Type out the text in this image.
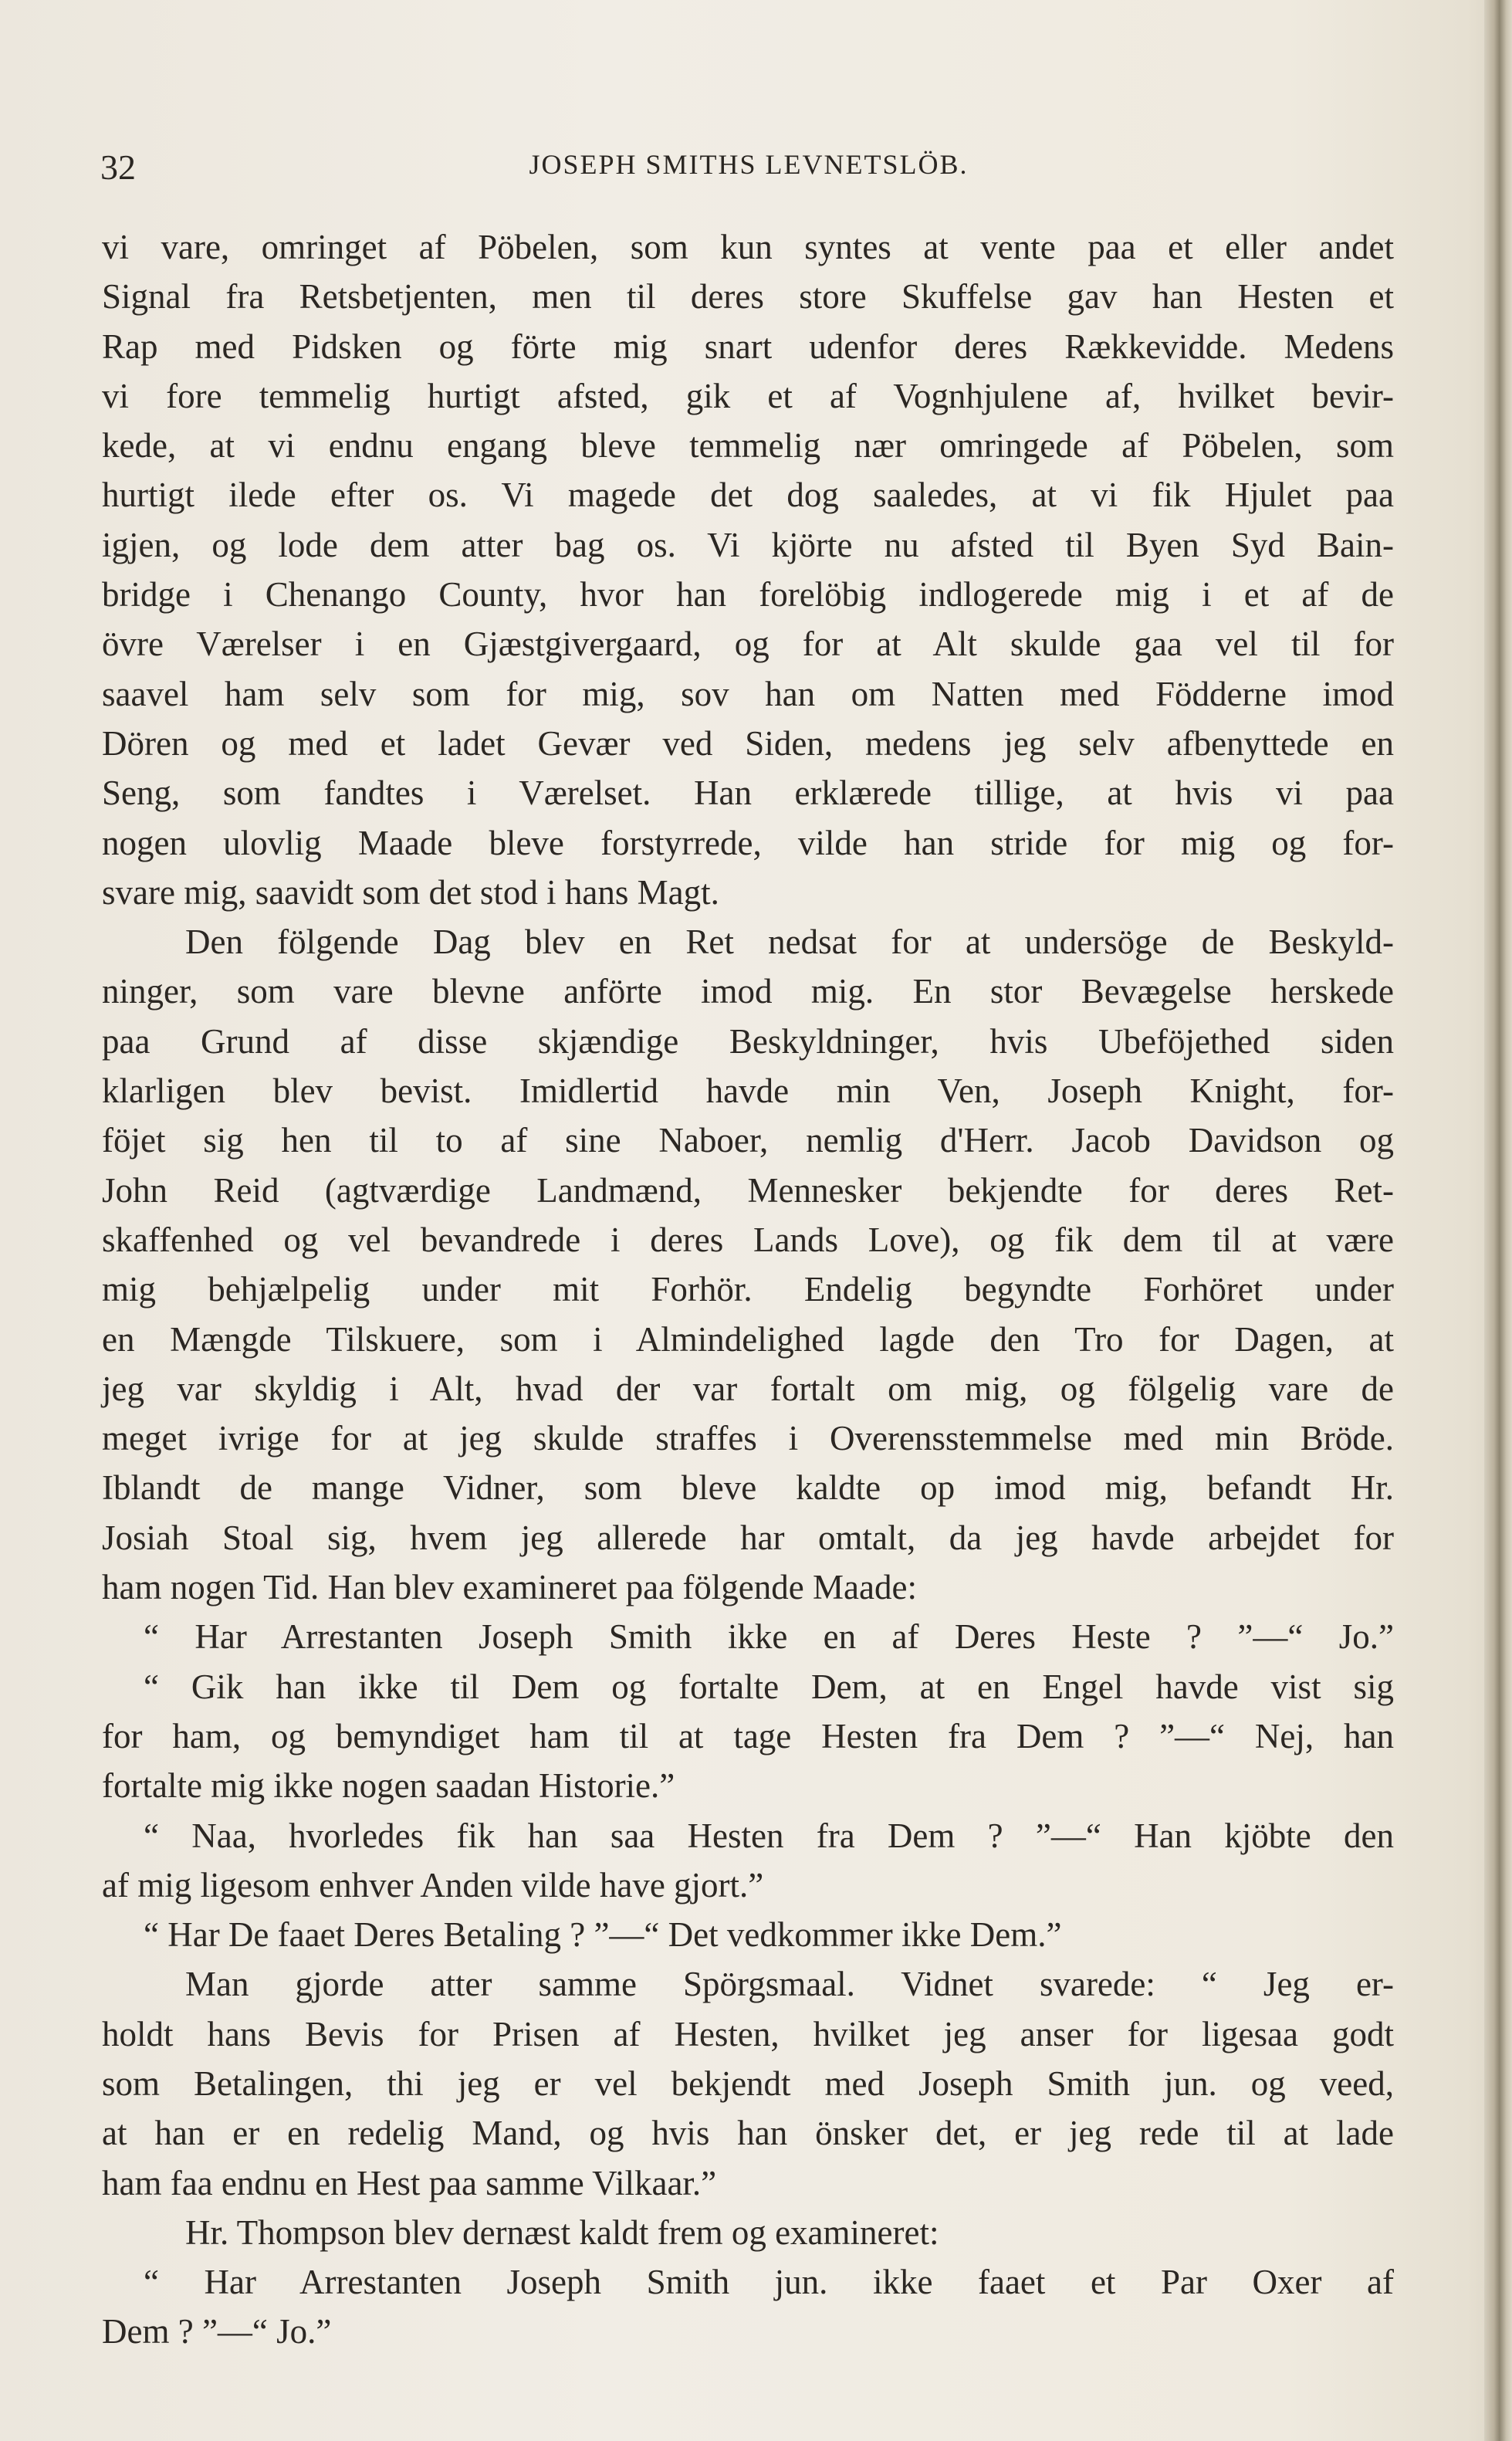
32	JOSEPH SMITHS LEVNETSLÖB.

vi vare, omringet af Pöbelen, som kun syntes at vente paa et eller andet

Signal fra Retsbetjenten, men til deres store Skuffelse gav han Hesten et

Rap med Pidsken og förte mig snart udenfor deres Rækkevidde. Medens

vi fore temmelig hurtigt afsted, gik et af Vognhjulene af, hvilket bevir-

kede, at vi endnu engang bleve temmelig nær omringede af Pöbelen, som

hurtigt ilede efter os. Vi magede det dog saaledes, at vi fik Hjulet paa

igjen, og lode dem atter bag os. Vi kjörte nu afsted til Byen Syd Bain-

bridge i Chenango County, hvor han forelöbig indlogerede mig i et af de

övre Værelser i en Gjæstgivergaard, og for at Alt skulde gaa vel til for

saavel ham selv som for mig, sov han om Natten med Födderne imod

Dören og med et ladet Gevær ved Siden, medens jeg selv afbenyttede en

Seng, som fandtes i Værelset. Han erklærede tillige, at hvis vi paa

nogen ulovlig Maade bleve forstyrrede, vilde han stride for mig og for-

svare mig, saavidt som det stod i hans Magt.

Den fölgende Dag blev en Ret nedsat for at undersöge de Beskyld-

ninger, som vare blevne anförte imod mig. En stor Bevægelse herskede

paa Grund af disse skjændige Beskyldninger, hvis Ubeföjethed siden

klarligen blev bevist. Imidlertid havde min Ven, Joseph Knight, for-

föjet sig hen til to af sine Naboer, nemlig d'Herr. Jacob Davidson og

John Reid (agtværdige Landmænd, Mennesker bekjendte for deres Ret-

skaffenhed og vel bevandrede i deres Lands Love), og fik dem til at være

mig behjælpelig under mit Forhör. Endelig begyndte Forhöret under

en Mængde Tilskuere, som i Almindelighed lagde den Tro for Dagen, at

jeg var skyldig i Alt, hvad der var fortalt om mig, og fölgelig vare de

meget ivrige for at jeg skulde straffes i Overensstemmelse med min Bröde.

Iblandt de mange Vidner, som bleve kaldte op imod mig, befandt Hr.

Josiah Stoal sig, hvem jeg allerede har omtalt, da jeg havde arbejdet for

ham nogen Tid. Han blev examineret paa fölgende Maade:

“ Har Arrestanten Joseph Smith ikke en af Deres Heste ? ”—“ Jo.”

“ Gik han ikke til Dem og fortalte Dem, at en Engel havde vist sig

for ham, og bemyndiget ham til at tage Hesten fra Dem ? ”—“ Nej, han

fortalte mig ikke nogen saadan Historie.”

“ Naa, hvorledes fik han saa Hesten fra Dem ? ”—“ Han kjöbte den

af mig ligesom enhver Anden vilde have gjort.”

“ Har De faaet Deres Betaling ? ”—“ Det vedkommer ikke Dem.”

Man gjorde atter samme Spörgsmaal. Vidnet svarede: “ Jeg er-

holdt hans Bevis for Prisen af Hesten, hvilket jeg anser for ligesaa godt

som Betalingen, thi jeg er vel bekjendt med Joseph Smith jun. og veed,

at han er en redelig Mand, og hvis han önsker det, er jeg rede til at lade

ham faa endnu en Hest paa samme Vilkaar.”

Hr. Thompson blev dernæst kaldt frem og examineret:

“ Har Arrestanten Joseph Smith jun. ikke faaet et Par Oxer af

Dem ? ”—“ Jo.”
